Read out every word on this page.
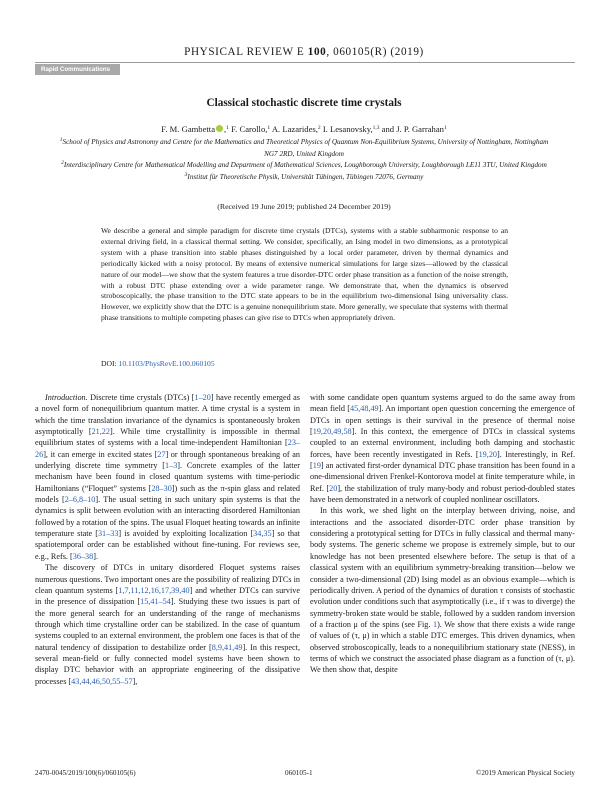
PHYSICAL REVIEW E 100, 060105(R) (2019)
Rapid Communications
Classical stochastic discrete time crystals
F. M. Gambetta ,$^1$ F. Carollo,$^1$ A. Lazarides,$^2$ I. Lesanovsky,$^{1,3}$ and J. P. Garrahan$^1$
$^1$School of Physics and Astronomy and Centre for the Mathematics and Theoretical Physics of Quantum Non-Equilibrium Systems, University of Nottingham, Nottingham NG7 2RD, United Kingdom
$^2$Interdisciplinary Centre for Mathematical Modelling and Department of Mathematical Sciences, Loughborough University, Loughborough LE11 3TU, United Kingdom
$^3$Institut für Theoretische Physik, Universität Tübingen, Tübingen 72076, Germany
(Received 19 June 2019; published 24 December 2019)

We describe a general and simple paradigm for discrete time crystals (DTCs), systems with a stable subharmonic response to an external driving field, in a classical thermal setting. We consider, specifically, an Ising model in two dimensions, as a prototypical system with a phase transition into stable phases distinguished by a local order parameter, driven by thermal dynamics and periodically kicked with a noisy protocol. By means of extensive numerical simulations for large sizes—allowed by the classical nature of our model—we show that the system features a true disorder-DTC order phase transition as a function of the noise strength, with a robust DTC phase extending over a wide parameter range. We demonstrate that, when the dynamics is observed stroboscopically, the phase transition to the DTC state appears to be in the equilibrium two-dimensional Ising universality class. However, we explicitly show that the DTC is a genuine nonequilibrium state. More generally, we speculate that systems with thermal phase transitions to multiple competing phases can give rise to DTCs when appropriately driven.

DOI: 10.1103/PhysRevE.100.060105

Introduction. Discrete time crystals (DTCs) [1–20] have recently emerged as a novel form of nonequilibrium quantum matter. A time crystal is a system in which the time translation invariance of the dynamics is spontaneously broken asymptotically [21,22]. While time crystallinity is impossible in thermal equilibrium states of systems with a local time-independent Hamiltonian [23–26], it can emerge in excited states [27] or through spontaneous breaking of an underlying discrete time symmetry [1–3]. Concrete examples of the latter mechanism have been found in closed quantum systems with time-periodic Hamiltonians (“Floquet” systems [28–30]) such as the π-spin glass and related models [2–6,8–10]. The usual setting in such unitary spin systems is that the dynamics is split between evolution with an interacting disordered Hamiltonian followed by a rotation of the spins. The usual Floquet heating towards an infinite temperature state [31–33] is avoided by exploiting localization [34,35] so that spatiotemporal order can be established without fine-tuning. For reviews see, e.g., Refs. [36–38].

The discovery of DTCs in unitary disordered Floquet systems raises numerous questions. Two important ones are the possibility of realizing DTCs in clean quantum systems [1,7,11,12,16,17,39,40] and whether DTCs can survive in the presence of dissipation [15,41–54]. Studying these two issues is part of the more general search for an understanding of the range of mechanisms through which time crystalline order can be stabilized. In the case of quantum systems coupled to an external environment, the problem one faces is that of the natural tendency of dissipation to destabilize order [8,9,41,49]. In this respect, several mean-field or fully connected model systems have been shown to display DTC behavior with an appropriate engineering of the dissipative processes [43,44,46,50,55–57],

with some candidate open quantum systems argued to do the same away from mean field [45,48,49]. An important open question concerning the emergence of DTCs in open settings is their survival in the presence of thermal noise [19,20,49,58]. In this context, the emergence of DTCs in classical systems coupled to an external environment, including both damping and stochastic forces, have been recently investigated in Refs. [19,20]. Interestingly, in Ref. [19] an activated first-order dynamical DTC phase transition has been found in a one-dimensional driven Frenkel-Kontorova model at finite temperature while, in Ref. [20], the stabilization of truly many-body and robust period-doubled states have been demonstrated in a network of coupled nonlinear oscillators.

In this work, we shed light on the interplay between driving, noise, and interactions and the associated disorder-DTC order phase transition by considering a prototypical setting for DTCs in fully classical and thermal many-body systems. The generic scheme we propose is extremely simple, but to our knowledge has not been presented elsewhere before. The setup is that of a classical system with an equilibrium symmetry-breaking transition—below we consider a two-dimensional (2D) Ising model as an obvious example—which is periodically driven. A period of the dynamics of duration τ consists of stochastic evolution under conditions such that asymptotically (i.e., if τ was to diverge) the symmetry-broken state would be stable, followed by a sudden random inversion of a fraction μ of the spins (see Fig. 1). We show that there exists a wide range of values of (τ, μ) in which a stable DTC emerges. This driven dynamics, when observed stroboscopically, leads to a nonequilibrium stationary state (NESS), in terms of which we construct the associated phase diagram as a function of (τ, μ). We then show that, despite

2470-0045/2019/100(6)/060105(6)	060105-1	©2019 American Physical Society
